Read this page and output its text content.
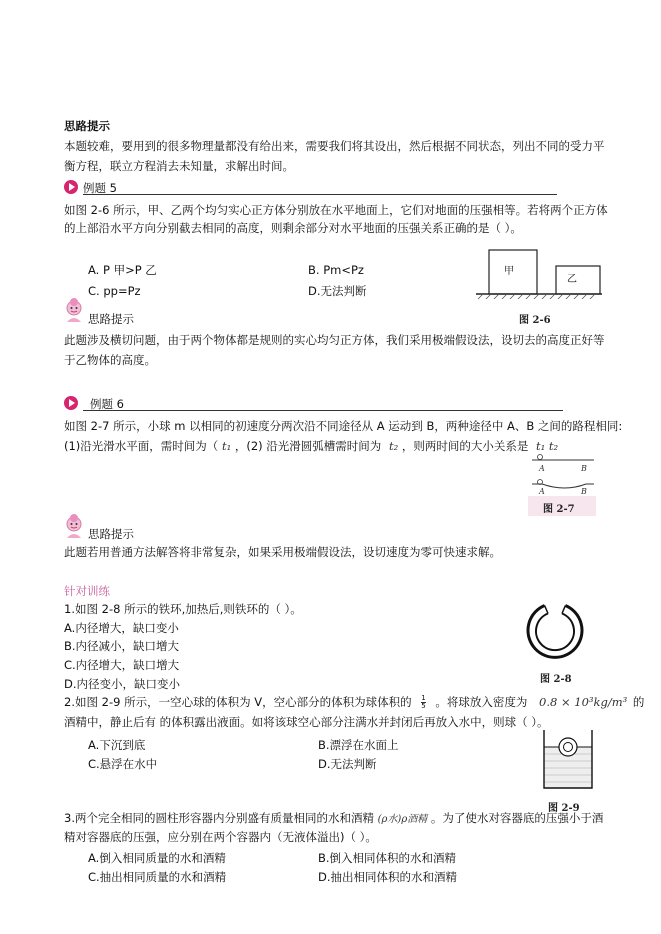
思路提示
本题较难，要用到的很多物理量都没有给出来，需要我们将其设出，然后根据不同状态，列出不同的受力平
衡方程，联立方程消去未知量，求解出时间。
例题 5
如图 2-6 所示，甲、乙两个均匀实心正方体分别放在水平地面上，它们对地面的压强相等。若将两个正方体
的上部沿水平方向分别截去相同的高度，则剩余部分对水平地面的压强关系正确的是（ ）。
A. P 甲>P 乙	B. Pm<Pz
C. pp=Pz	D.无法判断
甲
乙
图 2-6
思路提示
此题涉及横切问题，由于两个物体都是规则的实心均匀正方体，我们采用极端假设法，设切去的高度正好等
于乙物体的高度。
例题 6
如图 2-7 所示，小球 m 以相同的初速度分两次沿不同途径从 A 运动到 B，两种途径中 A、B 之间的路程相同:
(1)沿光滑水平面，需时间为（ t₁ ，(2) 沿光滑圆弧槽需时间为 t₂ ，则两时间的大小关系是 t₁ t₂
A	B
A	B
图 2-7
思路提示
此题若用普通方法解答将非常复杂，如果采用极端假设法，设切速度为零可快速求解。
针对训练
1.如图 2-8 所示的铁环,加热后,则铁环的（ ）。
A.内径增大，缺口变小
B.内径减小，缺口增大
C.内径增大，缺口增大
D.内径变小，缺口变小	图 2-8
2.如图 2-9 所示，一空心球的体积为 V，空心部分的体积为球体积的 $\frac{1}{5}$ 。将球放入密度为 0.8 × 10³kg/m³ 的
酒精中，静止后有 的体积露出液面。如将该球空心部分注满水并封闭后再放入水中，则球（ ）。
A.下沉到底	B.漂浮在水面上
C.悬浮在水中	D.无法判断
图 2-9
3.两个完全相同的圆柱形容器内分别盛有质量相同的水和酒精 (ρ水)ρ酒精 。为了使水对容器底的压强小于酒
精对容器底的压强，应分别在两个容器内（无液体溢出)（ ）。
A.倒入相同质量的水和酒精	B.倒入相同体积的水和酒精
C.抽出相同质量的水和酒精	D.抽出相同体积的水和酒精
